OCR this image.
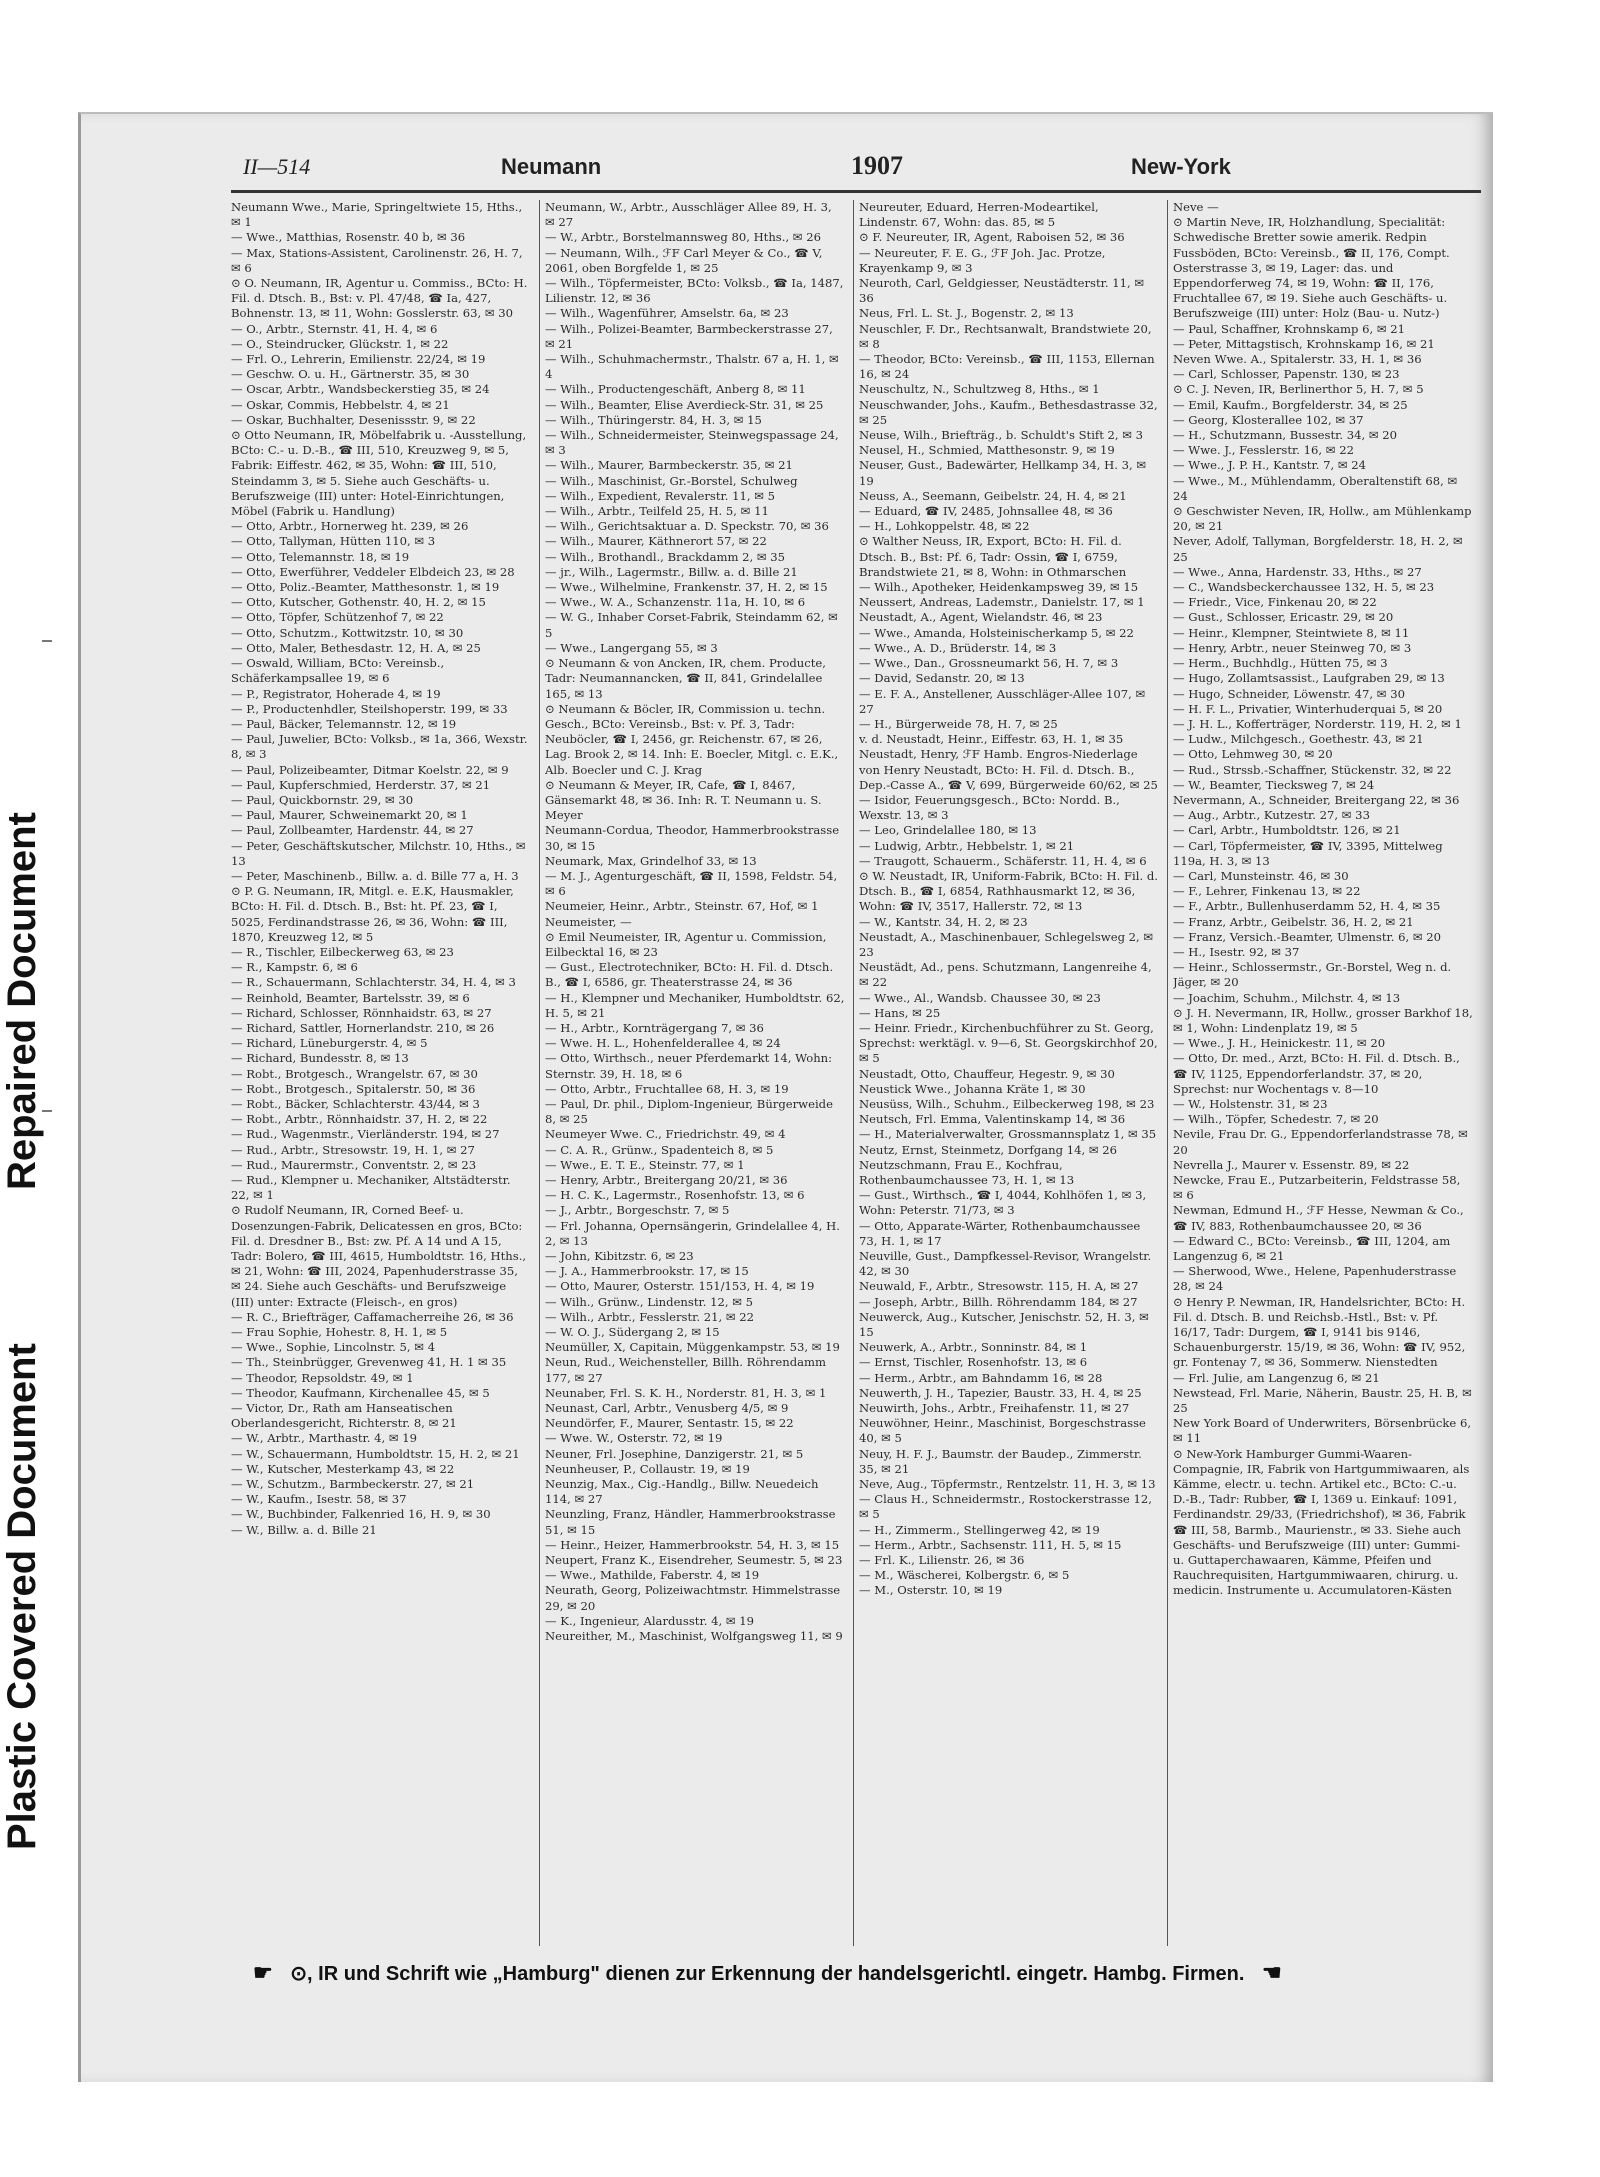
Repaired Document
Plastic Covered Document
II—514	Neumann	1907	New-York

Neumann Wwe., Marie, Springeltwiete 15, Hths., ✉ 1

— Wwe., Matthias, Rosenstr. 40 b, ✉ 36

— Max, Stations-Assistent, Carolinenstr. 26, H. 7, ✉ 6

⊙ O. Neumann, IR, Agentur u. Commiss., BCto: H. Fil. d. Dtsch. B., Bst: v. Pl. 47/48, ☎ Ia, 427, Bohnenstr. 13, ✉ 11, Wohn: Gosslerstr. 63, ✉ 30

— O., Arbtr., Sternstr. 41, H. 4, ✉ 6

— O., Steindrucker, Glückstr. 1, ✉ 22

— Frl. O., Lehrerin, Emilienstr. 22/24, ✉ 19

— Geschw. O. u. H., Gärtnerstr. 35, ✉ 30

— Oscar, Arbtr., Wandsbeckerstieg 35, ✉ 24

— Oskar, Commis, Hebbelstr. 4, ✉ 21

— Oskar, Buchhalter, Desenissstr. 9, ✉ 22

⊙ Otto Neumann, IR, Möbelfabrik u. -Ausstellung, BCto: C.- u. D.-B., ☎ III, 510, Kreuzweg 9, ✉ 5, Fabrik: Eiffestr. 462, ✉ 35, Wohn: ☎ III, 510, Steindamm 3, ✉ 5. Siehe auch Geschäfts- u. Berufszweige (III) unter: Hotel-Einrichtungen, Möbel (Fabrik u. Handlung)

— Otto, Arbtr., Hornerweg ht. 239, ✉ 26

— Otto, Tallyman, Hütten 110, ✉ 3

— Otto, Telemannstr. 18, ✉ 19

— Otto, Ewerführer, Veddeler Elbdeich 23, ✉ 28

— Otto, Poliz.-Beamter, Matthesonstr. 1, ✉ 19

— Otto, Kutscher, Gothenstr. 40, H. 2, ✉ 15

— Otto, Töpfer, Schützenhof 7, ✉ 22

— Otto, Schutzm., Kottwitzstr. 10, ✉ 30

— Otto, Maler, Bethesdastr. 12, H. A, ✉ 25

— Oswald, William, BCto: Vereinsb., Schäferkampsallee 19, ✉ 6

— P., Registrator, Hoherade 4, ✉ 19

— P., Productenhdler, Steilshoperstr. 199, ✉ 33

— Paul, Bäcker, Telemannstr. 12, ✉ 19

— Paul, Juwelier, BCto: Volksb., ✉ 1a, 366, Wexstr. 8, ✉ 3

— Paul, Polizeibeamter, Ditmar Koelstr. 22, ✉ 9

— Paul, Kupferschmied, Herderstr. 37, ✉ 21

— Paul, Quickbornstr. 29, ✉ 30

— Paul, Maurer, Schweinemarkt 20, ✉ 1

— Paul, Zollbeamter, Hardenstr. 44, ✉ 27

— Peter, Geschäftskutscher, Milchstr. 10, Hths., ✉ 13

— Peter, Maschinenb., Billw. a. d. Bille 77 a, H. 3

⊙ P. G. Neumann, IR, Mitgl. e. E.K, Hausmakler, BCto: H. Fil. d. Dtsch. B., Bst: ht. Pf. 23, ☎ I, 5025, Ferdinandstrasse 26, ✉ 36, Wohn: ☎ III, 1870, Kreuzweg 12, ✉ 5

— R., Tischler, Eilbeckerweg 63, ✉ 23

— R., Kampstr. 6, ✉ 6

— R., Schauermann, Schlachterstr. 34, H. 4, ✉ 3

— Reinhold, Beamter, Bartelsstr. 39, ✉ 6

— Richard, Schlosser, Rönnhaidstr. 63, ✉ 27

— Richard, Sattler, Hornerlandstr. 210, ✉ 26

— Richard, Lüneburgerstr. 4, ✉ 5

— Richard, Bundesstr. 8, ✉ 13

— Robt., Brotgesch., Wrangelstr. 67, ✉ 30

— Robt., Brotgesch., Spitalerstr. 50, ✉ 36

— Robt., Bäcker, Schlachterstr. 43/44, ✉ 3

— Robt., Arbtr., Rönnhaidstr. 37, H. 2, ✉ 22

— Rud., Wagenmstr., Vierländerstr. 194, ✉ 27

— Rud., Arbtr., Stresowstr. 19, H. 1, ✉ 27

— Rud., Maurermstr., Conventstr. 2, ✉ 23

— Rud., Klempner u. Mechaniker, Altstädterstr. 22, ✉ 1

⊙ Rudolf Neumann, IR, Corned Beef- u. Dosenzungen-Fabrik, Delicatessen en gros, BCto: Fil. d. Dresdner B., Bst: zw. Pf. A 14 und A 15, Tadr: Bolero, ☎ III, 4615, Humboldtstr. 16, Hths., ✉ 21, Wohn: ☎ III, 2024, Papenhuderstrasse 35, ✉ 24. Siehe auch Geschäfts- und Berufszweige (III) unter: Extracte (Fleisch-, en gros)

— R. C., Briefträger, Caffamacherreihe 26, ✉ 36

— Frau Sophie, Hohestr. 8, H. 1, ✉ 5

— Wwe., Sophie, Lincolnstr. 5, ✉ 4

— Th., Steinbrügger, Grevenweg 41, H. 1 ✉ 35

— Theodor, Repsoldstr. 49, ✉ 1

— Theodor, Kaufmann, Kirchenallee 45, ✉ 5

— Victor, Dr., Rath am Hanseatischen Oberlandesgericht, Richterstr. 8, ✉ 21

— W., Arbtr., Marthastr. 4, ✉ 19

— W., Schauermann, Humboldtstr. 15, H. 2, ✉ 21

— W., Kutscher, Mesterkamp 43, ✉ 22

— W., Schutzm., Barmbeckerstr. 27, ✉ 21

— W., Kaufm., Isestr. 58, ✉ 37

— W., Buchbinder, Falkenried 16, H. 9, ✉ 30

— W., Billw. a. d. Bille 21

Neumann, W., Arbtr., Ausschläger Allee 89, H. 3, ✉ 27

— W., Arbtr., Borstelmannsweg 80, Hths., ✉ 26

— Neumann, Wilh., ℱF Carl Meyer & Co., ☎ V, 2061, oben Borgfelde 1, ✉ 25

— Wilh., Töpfermeister, BCto: Volksb., ☎ Ia, 1487, Lilienstr. 12, ✉ 36

— Wilh., Wagenführer, Amselstr. 6a, ✉ 23

— Wilh., Polizei-Beamter, Barmbeckerstrasse 27, ✉ 21

— Wilh., Schuhmachermstr., Thalstr. 67 a, H. 1, ✉ 4

— Wilh., Productengeschäft, Anberg 8, ✉ 11

— Wilh., Beamter, Elise Averdieck-Str. 31, ✉ 25

— Wilh., Thüringerstr. 84, H. 3, ✉ 15

— Wilh., Schneidermeister, Steinwegspassage 24, ✉ 3

— Wilh., Maurer, Barmbeckerstr. 35, ✉ 21

— Wilh., Maschinist, Gr.-Borstel, Schulweg

— Wilh., Expedient, Revalerstr. 11, ✉ 5

— Wilh., Arbtr., Teilfeld 25, H. 5, ✉ 11

— Wilh., Gerichtsaktuar a. D. Speckstr. 70, ✉ 36

— Wilh., Maurer, Käthnerort 57, ✉ 22

— Wilh., Brothandl., Brackdamm 2, ✉ 35

— jr., Wilh., Lagermstr., Billw. a. d. Bille 21

— Wwe., Wilhelmine, Frankenstr. 37, H. 2, ✉ 15

— Wwe., W. A., Schanzenstr. 11a, H. 10, ✉ 6

— W. G., Inhaber Corset-Fabrik, Steindamm 62, ✉ 5

— Wwe., Langergang 55, ✉ 3

⊙ Neumann & von Ancken, IR, chem. Producte, Tadr: Neumannancken, ☎ II, 841, Grindelallee 165, ✉ 13

⊙ Neumann & Böcler, IR, Commission u. techn. Gesch., BCto: Vereinsb., Bst: v. Pf. 3, Tadr: Neuböcler, ☎ I, 2456, gr. Reichenstr. 67, ✉ 26, Lag. Brook 2, ✉ 14. Inh: E. Boecler, Mitgl. c. E.K., Alb. Boecler und C. J. Krag

⊙ Neumann & Meyer, IR, Cafe, ☎ I, 8467, Gänsemarkt 48, ✉ 36. Inh: R. T. Neumann u. S. Meyer

Neumann-Cordua, Theodor, Hammerbrookstrasse 30, ✉ 15

Neumark, Max, Grindelhof 33, ✉ 13

— M. J., Agenturgeschäft, ☎ II, 1598, Feldstr. 54, ✉ 6

Neumeier, Heinr., Arbtr., Steinstr. 67, Hof, ✉ 1

Neumeister, —

⊙ Emil Neumeister, IR, Agentur u. Commission, Eilbecktal 16, ✉ 23

— Gust., Electrotechniker, BCto: H. Fil. d. Dtsch. B., ☎ I, 6586, gr. Theaterstrasse 24, ✉ 36

— H., Klempner und Mechaniker, Humboldtstr. 62, H. 5, ✉ 21

— H., Arbtr., Kornträgergang 7, ✉ 36

— Wwe. H. L., Hohenfelderallee 4, ✉ 24

— Otto, Wirthsch., neuer Pferdemarkt 14, Wohn: Sternstr. 39, H. 18, ✉ 6

— Otto, Arbtr., Fruchtallee 68, H. 3, ✉ 19

— Paul, Dr. phil., Diplom-Ingenieur, Bürgerweide 8, ✉ 25

Neumeyer Wwe. C., Friedrichstr. 49, ✉ 4

— C. A. R., Grünw., Spadenteich 8, ✉ 5

— Wwe., E. T. E., Steinstr. 77, ✉ 1

— Henry, Arbtr., Breitergang 20/21, ✉ 36

— H. C. K., Lagermstr., Rosenhofstr. 13, ✉ 6

— J., Arbtr., Borgeschstr. 7, ✉ 5

— Frl. Johanna, Opernsängerin, Grindelallee 4, H. 2, ✉ 13

— John, Kibitzstr. 6, ✉ 23

— J. A., Hammerbrookstr. 17, ✉ 15

— Otto, Maurer, Osterstr. 151/153, H. 4, ✉ 19

— Wilh., Grünw., Lindenstr. 12, ✉ 5

— Wilh., Arbtr., Fesslerstr. 21, ✉ 22

— W. O. J., Südergang 2, ✉ 15

Neumüller, X, Capitain, Müggenkampstr. 53, ✉ 19

Neun, Rud., Weichensteller, Billh. Röhrendamm 177, ✉ 27

Neunaber, Frl. S. K. H., Norderstr. 81, H. 3, ✉ 1

Neunast, Carl, Arbtr., Venusberg 4/5, ✉ 9

Neundörfer, F., Maurer, Sentastr. 15, ✉ 22

— Wwe. W., Osterstr. 72, ✉ 19

Neuner, Frl. Josephine, Danzigerstr. 21, ✉ 5

Neunheuser, P., Collaustr. 19, ✉ 19

Neunzig, Max., Cig.-Handlg., Billw. Neuedeich 114, ✉ 27

Neunzling, Franz, Händler, Hammerbrookstrasse 51, ✉ 15

— Heinr., Heizer, Hammerbrookstr. 54, H. 3, ✉ 15

Neupert, Franz K., Eisendreher, Seumestr. 5, ✉ 23

— Wwe., Mathilde, Faberstr. 4, ✉ 19

Neurath, Georg, Polizeiwachtmstr. Himmelstrasse 29, ✉ 20

— K., Ingenieur, Alardusstr. 4, ✉ 19

Neureither, M., Maschinist, Wolfgangsweg 11, ✉ 9

Neureuter, Eduard, Herren-Modeartikel, Lindenstr. 67, Wohn: das. 85, ✉ 5

⊙ F. Neureuter, IR, Agent, Raboisen 52, ✉ 36

— Neureuter, F. E. G., ℱF Joh. Jac. Protze, Krayenkamp 9, ✉ 3

Neuroth, Carl, Geldgiesser, Neustädterstr. 11, ✉ 36

Neus, Frl. L. St. J., Bogenstr. 2, ✉ 13

Neuschler, F. Dr., Rechtsanwalt, Brandstwiete 20, ✉ 8

— Theodor, BCto: Vereinsb., ☎ III, 1153, Ellernan 16, ✉ 24

Neuschultz, N., Schultzweg 8, Hths., ✉ 1

Neuschwander, Johs., Kaufm., Bethesdastrasse 32, ✉ 25

Neuse, Wilh., Briefträg., b. Schuldt's Stift 2, ✉ 3

Neusel, H., Schmied, Matthesonstr. 9, ✉ 19

Neuser, Gust., Badewärter, Hellkamp 34, H. 3, ✉ 19

Neuss, A., Seemann, Geibelstr. 24, H. 4, ✉ 21

— Eduard, ☎ IV, 2485, Johnsallee 48, ✉ 36

— H., Lohkoppelstr. 48, ✉ 22

⊙ Walther Neuss, IR, Export, BCto: H. Fil. d. Dtsch. B., Bst: Pf. 6, Tadr: Ossin, ☎ I, 6759, Brandstwiete 21, ✉ 8, Wohn: in Othmarschen

— Wilh., Apotheker, Heidenkampsweg 39, ✉ 15

Neussert, Andreas, Lademstr., Danielstr. 17, ✉ 1

Neustadt, A., Agent, Wielandstr. 46, ✉ 23

— Wwe., Amanda, Holsteinischerkamp 5, ✉ 22

— Wwe., A. D., Brüderstr. 14, ✉ 3

— Wwe., Dan., Grossneumarkt 56, H. 7, ✉ 3

— David, Sedanstr. 20, ✉ 13

— E. F. A., Anstellener, Ausschläger-Allee 107, ✉ 27

— H., Bürgerweide 78, H. 7, ✉ 25

v. d. Neustadt, Heinr., Eiffestr. 63, H. 1, ✉ 35

Neustadt, Henry, ℱF Hamb. Engros-Niederlage von Henry Neustadt, BCto: H. Fil. d. Dtsch. B., Dep.-Casse A., ☎ V, 699, Bürgerweide 60/62, ✉ 25

— Isidor, Feuerungsgesch., BCto: Nordd. B., Wexstr. 13, ✉ 3

— Leo, Grindelallee 180, ✉ 13

— Ludwig, Arbtr., Hebbelstr. 1, ✉ 21

— Traugott, Schauerm., Schäferstr. 11, H. 4, ✉ 6

⊙ W. Neustadt, IR, Uniform-Fabrik, BCto: H. Fil. d. Dtsch. B., ☎ I, 6854, Rathhausmarkt 12, ✉ 36, Wohn: ☎ IV, 3517, Hallerstr. 72, ✉ 13

— W., Kantstr. 34, H. 2, ✉ 23

Neustadt, A., Maschinenbauer, Schlegelsweg 2, ✉ 23

Neustädt, Ad., pens. Schutzmann, Langenreihe 4, ✉ 22

— Wwe., Al., Wandsb. Chaussee 30, ✉ 23

— Hans, ✉ 25

— Heinr. Friedr., Kirchenbuchführer zu St. Georg, Sprechst: werktägl. v. 9—6, St. Georgskirchhof 20, ✉ 5

Neustadt, Otto, Chauffeur, Hegestr. 9, ✉ 30

Neustick Wwe., Johanna Kräte 1, ✉ 30

Neusüss, Wilh., Schuhm., Eilbeckerweg 198, ✉ 23

Neutsch, Frl. Emma, Valentinskamp 14, ✉ 36

— H., Materialverwalter, Grossmannsplatz 1, ✉ 35

Neutz, Ernst, Steinmetz, Dorfgang 14, ✉ 26

Neutzschmann, Frau E., Kochfrau, Rothenbaumchaussee 73, H. 1, ✉ 13

— Gust., Wirthsch., ☎ I, 4044, Kohlhöfen 1, ✉ 3, Wohn: Peterstr. 71/73, ✉ 3

— Otto, Apparate-Wärter, Rothenbaumchaussee 73, H. 1, ✉ 17

Neuville, Gust., Dampfkessel-Revisor, Wrangelstr. 42, ✉ 30

Neuwald, F., Arbtr., Stresowstr. 115, H. A, ✉ 27

— Joseph, Arbtr., Billh. Röhrendamm 184, ✉ 27

Neuwerck, Aug., Kutscher, Jenischstr. 52, H. 3, ✉ 15

Neuwerk, A., Arbtr., Sonninstr. 84, ✉ 1

— Ernst, Tischler, Rosenhofstr. 13, ✉ 6

— Herm., Arbtr., am Bahndamm 16, ✉ 28

Neuwerth, J. H., Tapezier, Baustr. 33, H. 4, ✉ 25

Neuwirth, Johs., Arbtr., Freihafenstr. 11, ✉ 27

Neuwöhner, Heinr., Maschinist, Borgeschstrasse 40, ✉ 5

Neuy, H. F. J., Baumstr. der Baudep., Zimmerstr. 35, ✉ 21

Neve, Aug., Töpfermstr., Rentzelstr. 11, H. 3, ✉ 13

— Claus H., Schneidermstr., Rostockerstrasse 12, ✉ 5

— H., Zimmerm., Stellingerweg 42, ✉ 19

— Herm., Arbtr., Sachsenstr. 111, H. 5, ✉ 15

— Frl. K., Lilienstr. 26, ✉ 36

— M., Wäscherei, Kolbergstr. 6, ✉ 5

— M., Osterstr. 10, ✉ 19

Neve —

⊙ Martin Neve, IR, Holzhandlung, Specialität: Schwedische Bretter sowie amerik. Redpin Fussböden, BCto: Vereinsb., ☎ II, 176, Compt. Osterstrasse 3, ✉ 19, Lager: das. und Eppendorferweg 74, ✉ 19, Wohn: ☎ II, 176, Fruchtallee 67, ✉ 19. Siehe auch Geschäfts- u. Berufszweige (III) unter: Holz (Bau- u. Nutz-)

— Paul, Schaffner, Krohnskamp 6, ✉ 21

— Peter, Mittagstisch, Krohnskamp 16, ✉ 21

Neven Wwe. A., Spitalerstr. 33, H. 1, ✉ 36

— Carl, Schlosser, Papenstr. 130, ✉ 23

⊙ C. J. Neven, IR, Berlinerthor 5, H. 7, ✉ 5

— Emil, Kaufm., Borgfelderstr. 34, ✉ 25

— Georg, Klosterallee 102, ✉ 37

— H., Schutzmann, Bussestr. 34, ✉ 20

— Wwe. J., Fesslerstr. 16, ✉ 22

— Wwe., J. P. H., Kantstr. 7, ✉ 24

— Wwe., M., Mühlendamm, Oberaltenstift 68, ✉ 24

⊙ Geschwister Neven, IR, Hollw., am Mühlenkamp 20, ✉ 21

Never, Adolf, Tallyman, Borgfelderstr. 18, H. 2, ✉ 25

— Wwe., Anna, Hardenstr. 33, Hths., ✉ 27

— C., Wandsbeckerchaussee 132, H. 5, ✉ 23

— Friedr., Vice, Finkenau 20, ✉ 22

— Gust., Schlosser, Ericastr. 29, ✉ 20

— Heinr., Klempner, Steintwiete 8, ✉ 11

— Henry, Arbtr., neuer Steinweg 70, ✉ 3

— Herm., Buchhdlg., Hütten 75, ✉ 3

— Hugo, Zollamtsassist., Laufgraben 29, ✉ 13

— Hugo, Schneider, Löwenstr. 47, ✉ 30

— H. F. L., Privatier, Winterhuderquai 5, ✉ 20

— J. H. L., Kofferträger, Norderstr. 119, H. 2, ✉ 1

— Ludw., Milchgesch., Goethestr. 43, ✉ 21

— Otto, Lehmweg 30, ✉ 20

— Rud., Strssb.-Schaffner, Stückenstr. 32, ✉ 22

— W., Beamter, Tiecksweg 7, ✉ 24

Nevermann, A., Schneider, Breitergang 22, ✉ 36

— Aug., Arbtr., Kutzestr. 27, ✉ 33

— Carl, Arbtr., Humboldtstr. 126, ✉ 21

— Carl, Töpfermeister, ☎ IV, 3395, Mittelweg 119a, H. 3, ✉ 13

— Carl, Munsteinstr. 46, ✉ 30

— F., Lehrer, Finkenau 13, ✉ 22

— F., Arbtr., Bullenhuserdamm 52, H. 4, ✉ 35

— Franz, Arbtr., Geibelstr. 36, H. 2, ✉ 21

— Franz, Versich.-Beamter, Ulmenstr. 6, ✉ 20

— H., Isestr. 92, ✉ 37

— Heinr., Schlossermstr., Gr.-Borstel, Weg n. d. Jäger, ✉ 20

— Joachim, Schuhm., Milchstr. 4, ✉ 13

⊙ J. H. Nevermann, IR, Hollw., grosser Barkhof 18, ✉ 1, Wohn: Lindenplatz 19, ✉ 5

— Wwe., J. H., Heinickestr. 11, ✉ 20

— Otto, Dr. med., Arzt, BCto: H. Fil. d. Dtsch. B., ☎ IV, 1125, Eppendorferlandstr. 37, ✉ 20, Sprechst: nur Wochentags v. 8—10

— W., Holstenstr. 31, ✉ 23

— Wilh., Töpfer, Schedestr. 7, ✉ 20

Nevile, Frau Dr. G., Eppendorferlandstrasse 78, ✉ 20

Nevrella J., Maurer v. Essenstr. 89, ✉ 22

Newcke, Frau E., Putzarbeiterin, Feldstrasse 58, ✉ 6

Newman, Edmund H., ℱF Hesse, Newman & Co., ☎ IV, 883, Rothenbaumchaussee 20, ✉ 36

— Edward C., BCto: Vereinsb., ☎ III, 1204, am Langenzug 6, ✉ 21

— Sherwood, Wwe., Helene, Papenhuderstrasse 28, ✉ 24

⊙ Henry P. Newman, IR, Handelsrichter, BCto: H. Fil. d. Dtsch. B. und Reichsb.-Hstl., Bst: v. Pf. 16/17, Tadr: Durgem, ☎ I, 9141 bis 9146, Schauenburgerstr. 15/19, ✉ 36, Wohn: ☎ IV, 952, gr. Fontenay 7, ✉ 36, Sommerw. Nienstedten

— Frl. Julie, am Langenzug 6, ✉ 21

Newstead, Frl. Marie, Näherin, Baustr. 25, H. B, ✉ 25

New York Board of Underwriters, Börsenbrücke 6, ✉ 11

⊙ New-York Hamburger Gummi-Waaren-Compagnie, IR, Fabrik von Hartgummiwaaren, als Kämme, electr. u. techn. Artikel etc., BCto: C.-u. D.-B., Tadr: Rubber, ☎ I, 1369 u. Einkauf: 1091, Ferdinandstr. 29/33, (Friedrichshof), ✉ 36, Fabrik ☎ III, 58, Barmb., Maurienstr., ✉ 33. Siehe auch Geschäfts- und Berufszweige (III) unter: Gummi- u. Guttaperchawaaren, Kämme, Pfeifen und Rauchrequisiten, Hartgummiwaaren, chirurg. u. medicin. Instrumente u. Accumulatoren-Kästen

☛ ⊙, IR und Schrift wie „Hamburg" dienen zur Erkennung der handelsgerichtl. eingetr. Hambg. Firmen. ☚
